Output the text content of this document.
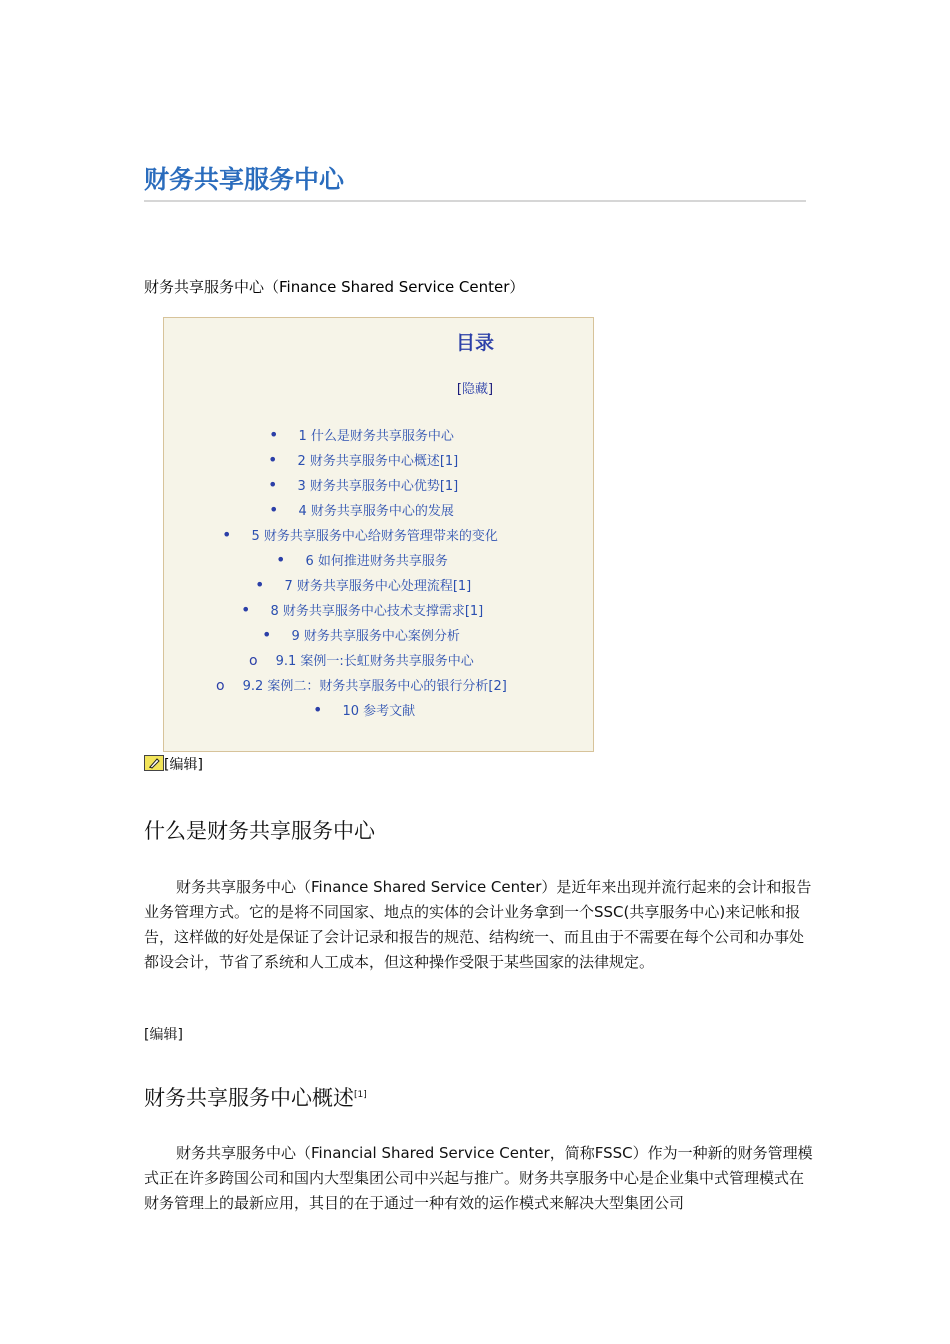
财务共享服务中心
财务共享服务中心（Finance Shared Service Center）
目录
[隐藏]
• 1 什么是财务共享服务中心
• 2 财务共享服务中心概述[1]
• 3 财务共享服务中心优势[1]
• 4 财务共享服务中心的发展
• 5 财务共享服务中心给财务管理带来的变化
• 6 如何推进财务共享服务
• 7 财务共享服务中心处理流程[1]
• 8 财务共享服务中心技术支撑需求[1]
• 9 财务共享服务中心案例分析
o 9.1 案例一:长虹财务共享服务中心
o 9.2 案例二：财务共享服务中心的银行分析[2]
• 10 参考文献
[编辑]
什么是财务共享服务中心

财务共享服务中心（Finance Shared Service Center）是近年来出现并流行起来的会计和报告业务管理方式。它的是将不同国家、地点的实体的会计业务拿到一个SSC(共享服务中心)来记帐和报告，这样做的好处是保证了会计记录和报告的规范、结构统一、而且由于不需要在每个公司和办事处都设会计，节省了系统和人工成本，但这种操作受限于某些国家的法律规定。

[编辑]
财务共享服务中心概述[1]

财务共享服务中心（Financial Shared Service Center，简称FSSC）作为一种新的财务管理模式正在许多跨国公司和国内大型集团公司中兴起与推广。财务共享服务中心是企业集中式管理模式在财务管理上的最新应用，其目的在于通过一种有效的运作模式来解决大型集团公司
